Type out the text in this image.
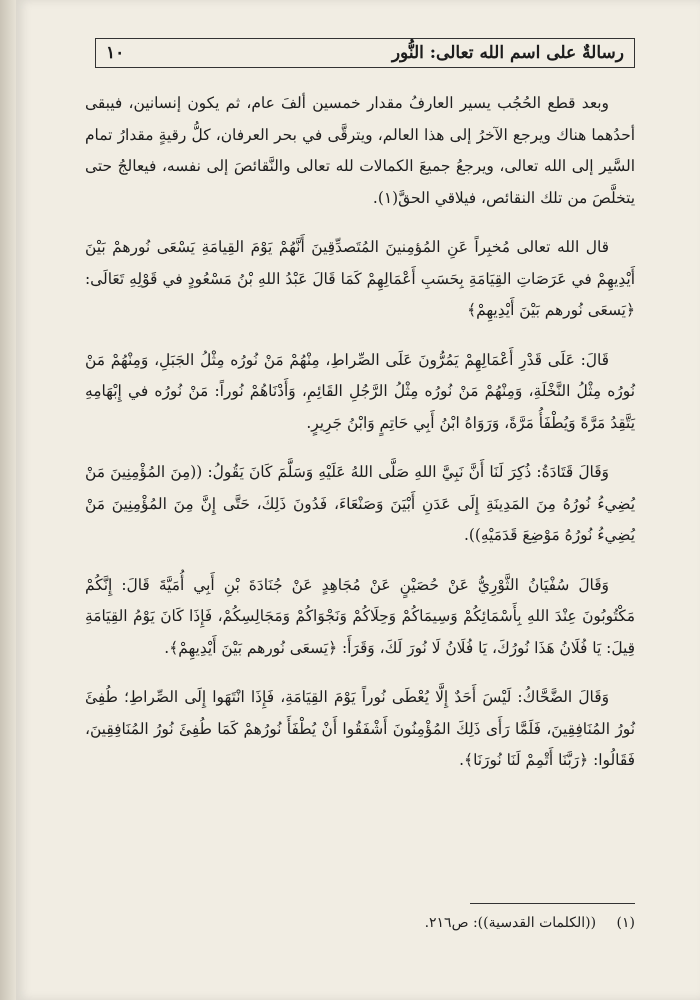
رسالةٌ على اسم الله تعالى: النُّور
١٠

وبعد قطع الحُجُب يسير العارفُ مقدار خمسين ألفَ عام، ثم يكون إنسانين، فيبقى أحدُهما هناك ويرجع الآخرُ إلى هذا العالم، ويترقَّى في بحر العرفان، كلُّ رقيةٍ مقدارُ تمام السَّير إلى الله تعالى، ويرجعُ جميعَ الكمالات لله تعالى والنَّقائصَ إلى نفسه، فيعالجُ حتى يتخلَّصَ من تلك النقائص، فيلاقي الحقَّ(١).

قال الله تعالى مُخبِراً عَنِ المُؤمِنينَ المُتَصدِّقِينَ أَنَّهُمْ يَوْمَ القِيامَةِ يَسْعَى نُورهمْ بَيْنَ أَيْدِيهِمْ في عَرَصَاتِ القِيَامَةِ بِحَسَبِ أَعْمَالِهِمْ كَمَا قَالَ عَبْدُ اللهِ بْنُ مَسْعُودٍ في قَوْلِهِ تَعَالَى: ﴿يَسعَى نُورهم بَيْنَ أَيْدِيهِمْ﴾

قَالَ: عَلَى قَدْرِ أَعْمَالِهِمْ يَمُرُّونَ عَلَى الصِّراطِ، مِنْهُمْ مَنْ نُورُه مِثْلُ الجَبَلِ، وَمِنْهُمْ مَنْ نُورُه مِثْلُ النَّخْلَةِ، وَمِنْهُمْ مَنْ نُورُه مِثْلُ الرَّجُلِ القَائِمِ، وَأَدْنَاهُمْ نُوراً: مَنْ نُورُه في إِبْهَامِهِ يَتَّقِدُ مَرَّةً وَيُطْفَأُ مَرَّةً، وَرَوَاهُ ابْنُ أَبِي حَاتِمٍ وَابْنُ جَرِيرٍ.

وَقَالَ قَتَادَةُ: ذُكِرَ لَنَا أَنَّ نَبِيَّ اللهِ صَلَّى اللهُ عَلَيْهِ وَسَلَّمَ كَانَ يَقُولُ: ((مِنَ المُؤْمِنِينَ مَنْ يُضِيءُ نُورُهُ مِنَ المَدِينَةِ إِلَى عَدَنِ أَبْيَنَ وَصَنْعَاءَ، فَدُونَ ذَلِكَ، حَتَّى إِنَّ مِنَ المُؤْمِنِينَ مَنْ يُضِيءُ نُورُهُ مَوْضِعَ قَدَمَيْهِ)).

وَقَالَ سُفْيَانُ الثَّوْرِيُّ عَنْ حُصَيْنٍ عَنْ مُجَاهِدٍ عَنْ جُنَادَةَ بْنِ أَبِي أُمَيَّةَ قَالَ: إِنَّكُمْ مَكْتُوبُونَ عِنْدَ اللهِ بِأَسْمَائِكُمْ وَسِيمَاكُمْ وَحِلَاكُمْ وَنَجْوَاكُمْ وَمَجَالِسِكُمْ، فَإِذَا كَانَ يَوْمُ القِيَامَةِ قِيلَ: يَا فُلَانُ هَذَا نُورُكَ، يَا فُلَانُ لَا نُورَ لَكَ، وَقَرَأَ: ﴿يَسعَى نُورهم بَيْنَ أَيْدِيهِمْ﴾.

وَقَالَ الضَّحَّاكُ: لَيْسَ أَحَدٌ إِلَّا يُعْطَى نُوراً يَوْمَ القِيَامَةِ، فَإِذَا انْتَهَوا إِلَى الصِّراطِ؛ طُفِئَ نُورُ المُنَافِقِينَ، فَلَمَّا رَأَى ذَلِكَ المُؤْمِنُونَ أَشْفَقُوا أَنْ يُطْفَأَ نُورُهمْ كَمَا طُفِئَ نُورُ المُنَافِقِينَ، فَقَالُوا: ﴿رَبَّنَا أَتْمِمْ لَنَا نُورَنَا﴾.

(١) ((الكلمات القدسية)): ص٢١٦.
